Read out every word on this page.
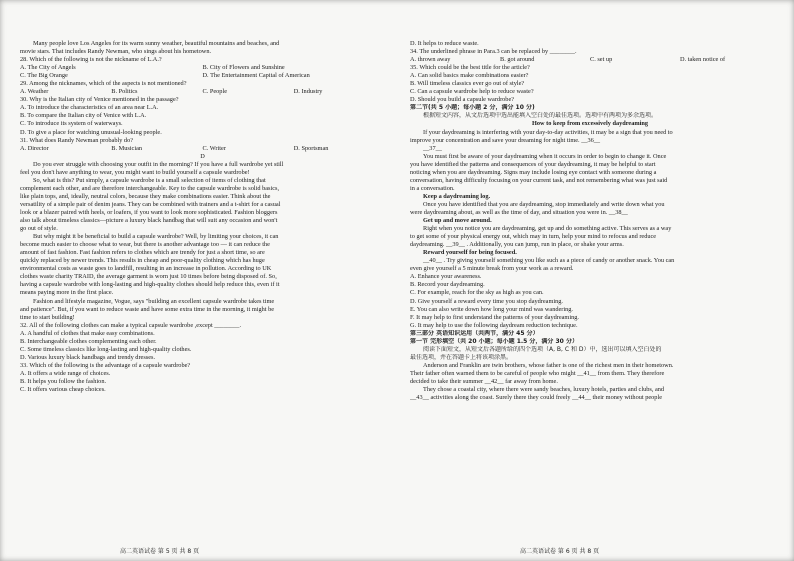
Many people love Los Angeles for its warm sunny weather, beautiful mountains and beaches, and
movie stars. That includes Randy Newman, who sings about his hometown.
28. Which of the following is not the nickname of L.A.?
A. The City of Angels	B. City of Flowers and Sunshine
C. The Big Orange	D. The Entertainment Capital of American
29. Among the nicknames, which of the aspects is not mentioned?
A. Weather	B. Politics	C. People	D. Industry
30. Why is the Italian city of Venice mentioned in the passage?
A. To introduce the characteristics of an area near L.A.
B. To compare the Italian city of Venice with L.A.
C. To introduce its system of waterways.
D. To give a place for watching unusual-looking people.
31. What does Randy Newman probably do?
A. Director	B. Musician	C. Writer	D. Sportsman
D
Do you ever struggle with choosing your outfit in the morning? If you have a full wardrobe yet still
feel you don't have anything to wear, you might want to build yourself a capsule wardrobe!
So, what is this? Put simply, a capsule wardrobe is a small selection of items of clothing that
complement each other, and are therefore interchangeable. Key to the capsule wardrobe is solid basics,
like plain tops, and, ideally, neutral colors, because they make combinations easier. Think about the
versatility of a simple pair of denim jeans. They can be combined with trainers and a t-shirt for a casual
look or a blazer paired with heels, or loafers, if you want to look more sophisticated. Fashion bloggers
also talk about timeless classics—picture a luxury black handbag that will suit any occasion and won't
go out of style.
But why might it be beneficial to build a capsule wardrobe? Well, by limiting your choices, it can
become much easier to choose what to wear, but there is another advantage too — it can reduce the
amount of fast fashion. Fast fashion refers to clothes which are trendy for just a short time, so are
quickly replaced by newer trends. This results in cheap and poor-quality clothing which has huge
environmental costs as waste goes to landfill, resulting in an increase in pollution. According to UK
clothes waste charity TRAID, the average garment is worn just 10 times before being disposed of. So,
having a capsule wardrobe with long-lasting and high-quality clothes should help reduce this, even if it
means paying more in the first place.
Fashion and lifestyle magazine, Vogue, says "building an excellent capsule wardrobe takes time
and patience". But, if you want to reduce waste and have some extra time in the morning, it might be
time to start building!
32. All of the following clothes can make a typical capsule wardrobe ,except ________.
A. A handful of clothes that make easy combinations.
B. Interchangeable clothes complementing each other.
C. Some timeless classics like long-lasting and high-quality clothes.
D. Various luxury black handbags and trendy dresses.
33. Which of the following is the advantage of a capsule wardrobe?
A. It offers a wide range of choices.
B. It helps you follow the fashion.
C. It offers various cheap choices.
D. It helps to reduce waste.
34. The underlined phrase in Para.3 can be replaced by ________.
A. thrown away	B. got around	C. set up	D. taken notice of
35. Which could be the best title for the article?
A. Can solid basics make combinations easier?
B. Will timeless classics ever go out of style?
C. Can a capsule wardrobe help to reduce waste?
D. Should you build a capsule wardrobe?
第二节(共 5 小题；每小题 2 分，满分 10 分)
根据短文内容，从文后选项中选出能填入空白处的最佳选项。选项中有两项为多余选项。
How to keep from excessively daydreaming
If your daydreaming is interfering with your day-to-day activities, it may be a sign that you need to
improve your concentration and save your dreaming for night time. __36__
__37__
You must first be aware of your daydreaming when it occurs in order to begin to change it. Once
you have identified the patterns and consequences of your daydreaming, it may be helpful to start
noticing when you are daydreaming. Signs may include losing eye contact with someone during a
conversation, having difficulty focusing on your current task, and not remembering what was just said
in a conversation.
Keep a daydreaming log.
Once you have identified that you are daydreaming, stop immediately and write down what you
were daydreaming about, as well as the time of day, and situation you were in. __38__
Get up and move around.
Right when you notice you are daydreaming, get up and do something active. This serves as a way
to get some of your physical energy out, which may in turn, help your mind to refocus and reduce
daydreaming. __39__ . Additionally, you can jump, run in place, or shake your arms.
Reward yourself for being focused.
__40__ . Try giving yourself something you like such as a piece of candy or another snack. You can
even give yourself a 5 minute break from your work as a reward.
A. Enhance your awareness.
B. Record your daydreaming.
C. For example, reach for the sky as high as you can.
D. Give yourself a reward every time you stop daydreaming.
E. You can also write down how long your mind was wandering.
F. It may help to first understand the patterns of your daydreaming.
G. It may help to use the following daydream reduction technique.
第三部分 英语知识运用（共两节，满分 45 分）
第一节 完形填空（共 20 小题；每小题 1.5 分，满分 30 分）
阅读下面短文，从短文后各题所给的四个选项（A, B, C 和 D）中，选出可以填入空白处的
最佳选项，并在答题卡上将该项涂黑。
Anderson and Franklin are twin brothers, whose father is one of the richest men in their hometown.
Their father often warned them to be careful of people who might __41__ from them. They therefore
decided to take their summer __42__ far away from home.
They chose a coastal city, where there were sandy beaches, luxury hotels, parties and clubs, and
__43__ activities along the coast. Surely there they could freely __44__ their money without people
高二英语试卷 第 5 页 共 8 页	高二英语试卷 第 6 页 共 8 页
